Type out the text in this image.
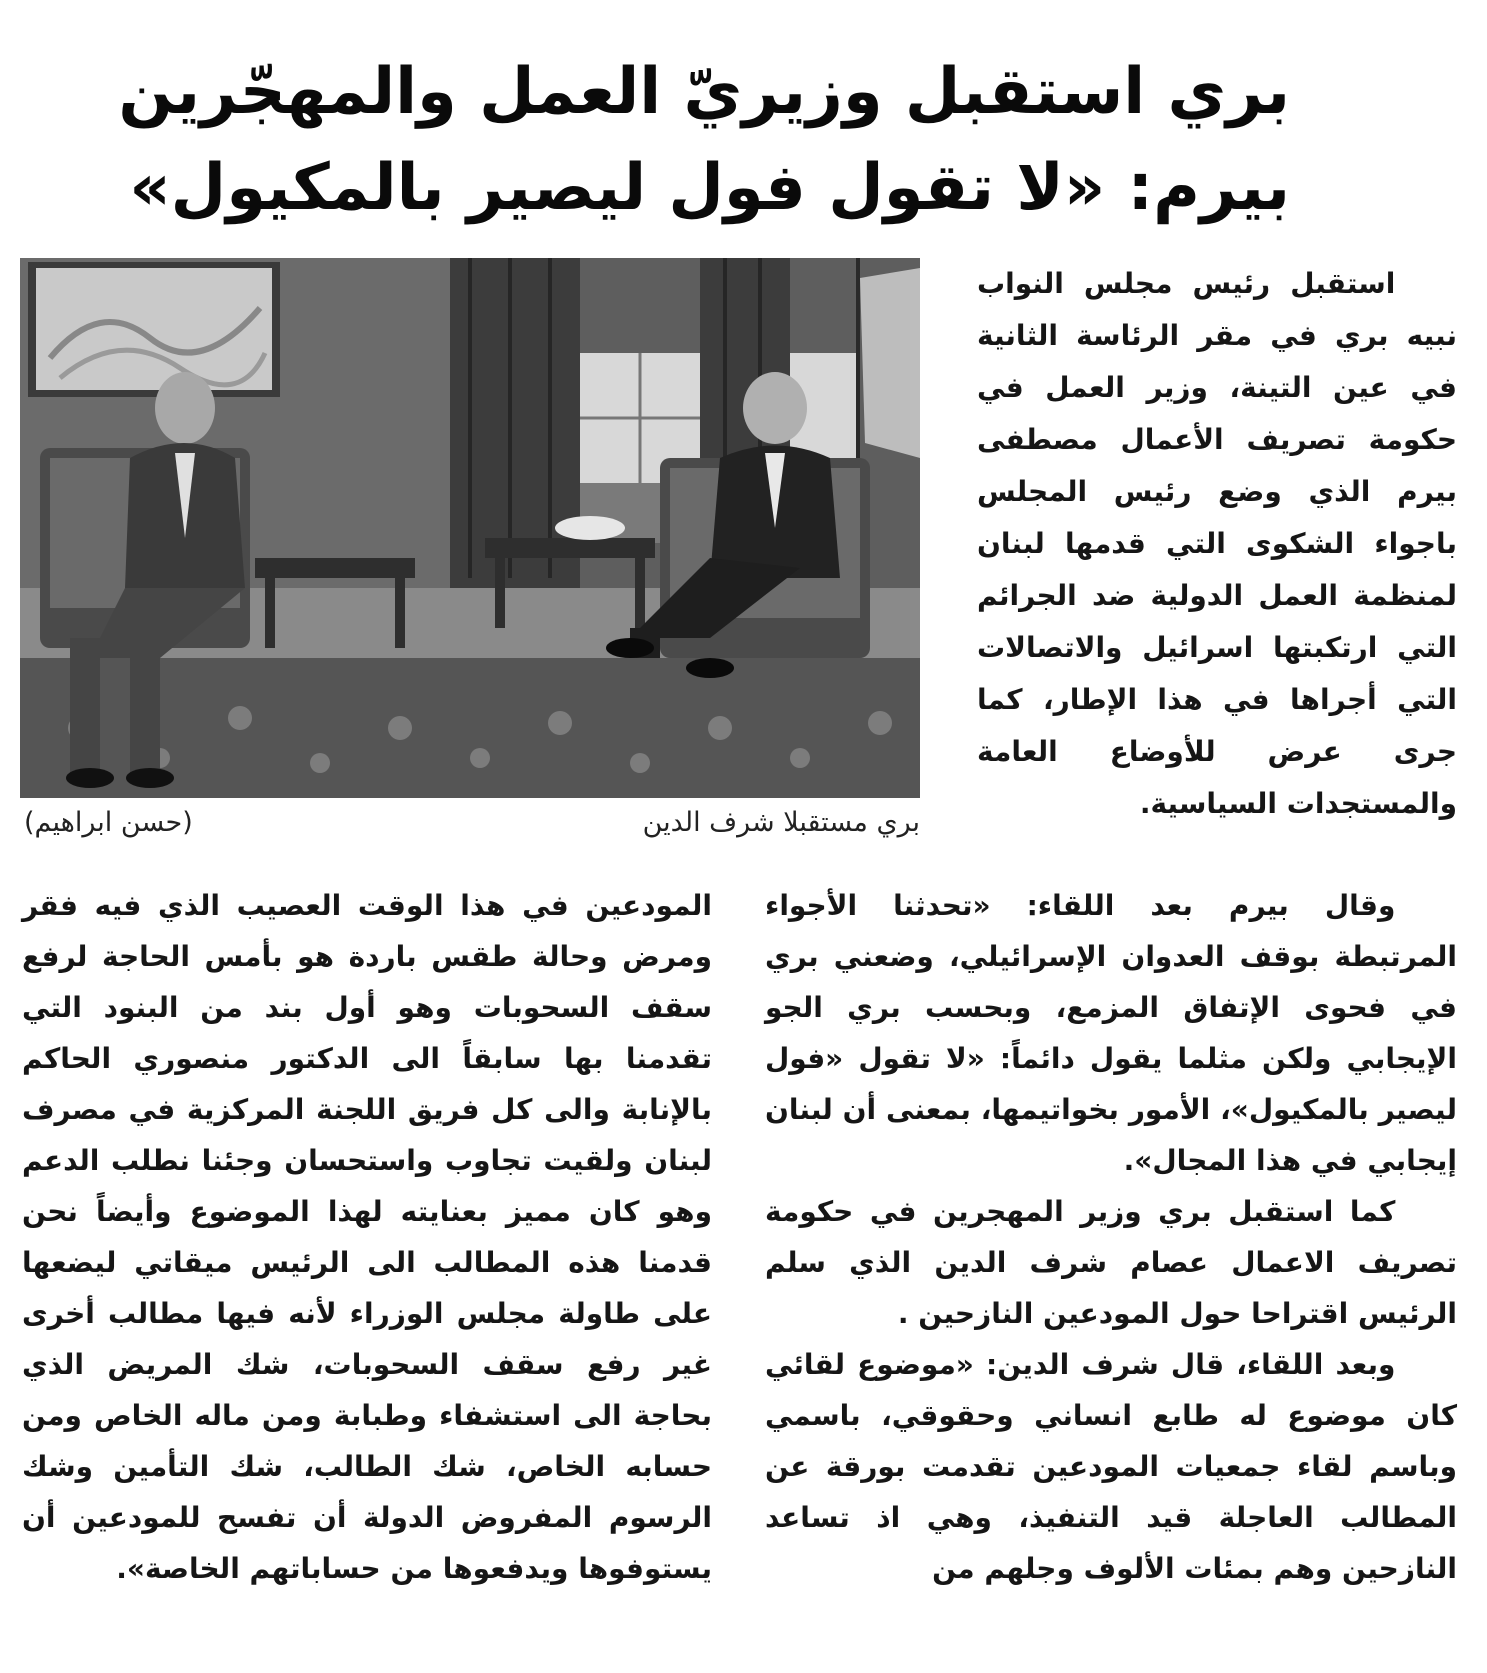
بري استقبل وزيريّ العمل والمهجّرين
بيرم: «لا تقول فول ليصير بالمكيول»
بري مستقبلا شرف الدين
(حسن ابراهيم)

استقبل رئيس مجلس النواب نبيه بري في مقر الرئاسة الثانية في عين التينة، وزير العمل في حكومة تصريف الأعمال مصطفى بيرم الذي وضع رئيس المجلس باجواء الشكوى التي قدمها لبنان لمنظمة العمل الدولية ضد الجرائم التي ارتكبتها اسرائيل والاتصالات التي أجراها في هذا الإطار، كما جرى عرض للأوضاع العامة والمستجدات السياسية.

وقال بيرم بعد اللقاء: «تحدثنا الأجواء المرتبطة بوقف العدوان الإسرائيلي، وضعني بري في فحوى الإتفاق المزمع، وبحسب بري الجو الإيجابي ولكن مثلما يقول دائماً: «لا تقول «فول ليصير بالمكيول»، الأمور بخواتيمها، بمعنى أن لبنان إيجابي في هذا المجال».

كما استقبل بري وزير المهجرين في حكومة تصريف الاعمال عصام شرف الدين الذي سلم الرئيس اقتراحا حول المودعين النازحين .

وبعد اللقاء، قال شرف الدين: «موضوع لقائي كان موضوع له طابع انساني وحقوقي، باسمي وباسم لقاء جمعيات المودعين تقدمت بورقة عن المطالب العاجلة قيد التنفيذ، وهي اذ تساعد النازحين وهم بمئات الألوف وجلهم من

المودعين في هذا الوقت العصيب الذي فيه فقر ومرض وحالة طقس باردة هو بأمس الحاجة لرفع سقف السحوبات وهو أول بند من البنود التي تقدمنا بها سابقاً الى الدكتور منصوري الحاكم بالإنابة والى كل فريق اللجنة المركزية في مصرف لبنان ولقيت تجاوب واستحسان وجئنا نطلب الدعم وهو كان مميز بعنايته لهذا الموضوع وأيضاً نحن قدمنا هذه المطالب الى الرئيس ميقاتي ليضعها على طاولة مجلس الوزراء لأنه فيها مطالب أخرى غير رفع سقف السحوبات، شك المريض الذي بحاجة الى استشفاء وطبابة ومن ماله الخاص ومن حسابه الخاص، شك الطالب، شك التأمين وشك الرسوم المفروض الدولة أن تفسح للمودعين أن يستوفوها ويدفعوها من حساباتهم الخاصة».
